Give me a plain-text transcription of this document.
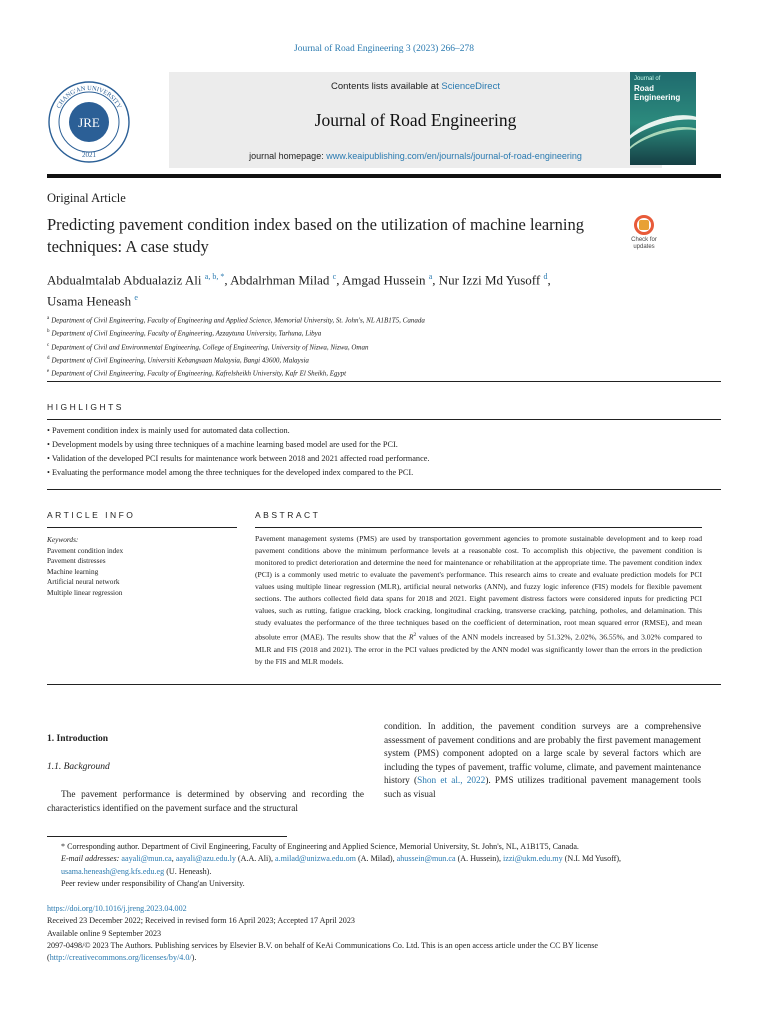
Journal of Road Engineering 3 (2023) 266–278
JRE
2021
CHANG'AN UNIVERSITY
Contents lists available at ScienceDirect
Journal of Road Engineering
journal homepage: www.keaipublishing.com/en/journals/journal-of-road-engineering
Journal of
Road Engineering
Original Article
Predicting pavement condition index based on the utilization of machine learning techniques: A case study	Check for updates
Abdualmtalab Abdualaziz Ali $^{a, b, *}$, Abdalrhman Milad $^c$, Amgad Hussein $^a$, Nur Izzi Md Yusoff $^d$,
Usama Heneash $^e$
$^a$ Department of Civil Engineering, Faculty of Engineering and Applied Science, Memorial University, St. John's, NL A1B1T5, Canada
$^b$ Department of Civil Engineering, Faculty of Engineering, Azzaytuna University, Tarhuna, Libya
$^c$ Department of Civil and Environmental Engineering, College of Engineering, University of Nizwa, Nizwa, Oman
$^d$ Department of Civil Engineering, Universiti Kebangsaan Malaysia, Bangi 43600, Malaysia
$^e$ Department of Civil Engineering, Faculty of Engineering, Kafrelsheikh University, Kafr El Sheikh, Egypt
HIGHLIGHTS
• Pavement condition index is mainly used for automated data collection.
• Development models by using three techniques of a machine learning based model are used for the PCI.
• Validation of the developed PCI results for maintenance work between 2018 and 2021 affected road performance.
• Evaluating the performance model among the three techniques for the developed index compared to the PCI.
ARTICLE INFO	ABSTRACT
Keywords:
Pavement condition index
Pavement distresses
Machine learning
Artificial neural network
Multiple linear regression
Pavement management systems (PMS) are used by transportation government agencies to promote sustainable development and to keep road pavement conditions above the minimum performance levels at a reasonable cost. To accomplish this objective, the pavement condition is monitored to predict deterioration and determine the need for maintenance or rehabilitation at the appropriate time. The pavement condition index (PCI) is a commonly used metric to evaluate the pavement's performance. This research aims to create and evaluate prediction models for PCI values using multiple linear regression (MLR), artificial neural networks (ANN), and fuzzy logic inference (FIS) models for flexible pavement sections. The authors collected field data spans for 2018 and 2021. Eight pavement distress factors were considered inputs for predicting PCI values, such as rutting, fatigue cracking, block cracking, longitudinal cracking, transverse cracking, patching, potholes, and delamination. This study evaluates the performance of the three techniques based on the coefficient of determination, root mean squared error (RMSE), and mean absolute error (MAE). The results show that the $R^2$ values of the ANN models increased by 51.32%, 2.02%, 36.55%, and 3.02% compared to MLR and FIS (2018 and 2021). The error in the PCI values predicted by the ANN model was significantly lower than the errors in the prediction by the FIS and MLR models.
1. Introduction
1.1. Background
The pavement performance is determined by observing and recording the characteristics identified on the pavement surface and the structural
condition. In addition, the pavement condition surveys are a comprehensive assessment of pavement conditions and are probably the first pavement management system (PMS) component adopted on a large scale by several factors which are including the types of pavement, traffic volume, climate, and pavement maintenance history (Shon et al., 2022). PMS utilizes traditional pavement management tools such as visual
* Corresponding author. Department of Civil Engineering, Faculty of Engineering and Applied Science, Memorial University, St. John's, NL, A1B1T5, Canada.
E-mail addresses: aayali@mun.ca, aayali@azu.edu.ly (A.A. Ali), a.milad@unizwa.edu.om (A. Milad), ahussein@mun.ca (A. Hussein), izzi@ukm.edu.my (N.I. Md Yusoff), usama.heneash@eng.kfs.edu.eg (U. Heneash).
Peer review under responsibility of Chang'an University.
https://doi.org/10.1016/j.jreng.2023.04.002
Received 23 December 2022; Received in revised form 16 April 2023; Accepted 17 April 2023
Available online 9 September 2023
2097-0498/© 2023 The Authors. Publishing services by Elsevier B.V. on behalf of KeAi Communications Co. Ltd. This is an open access article under the CC BY license (http://creativecommons.org/licenses/by/4.0/).
